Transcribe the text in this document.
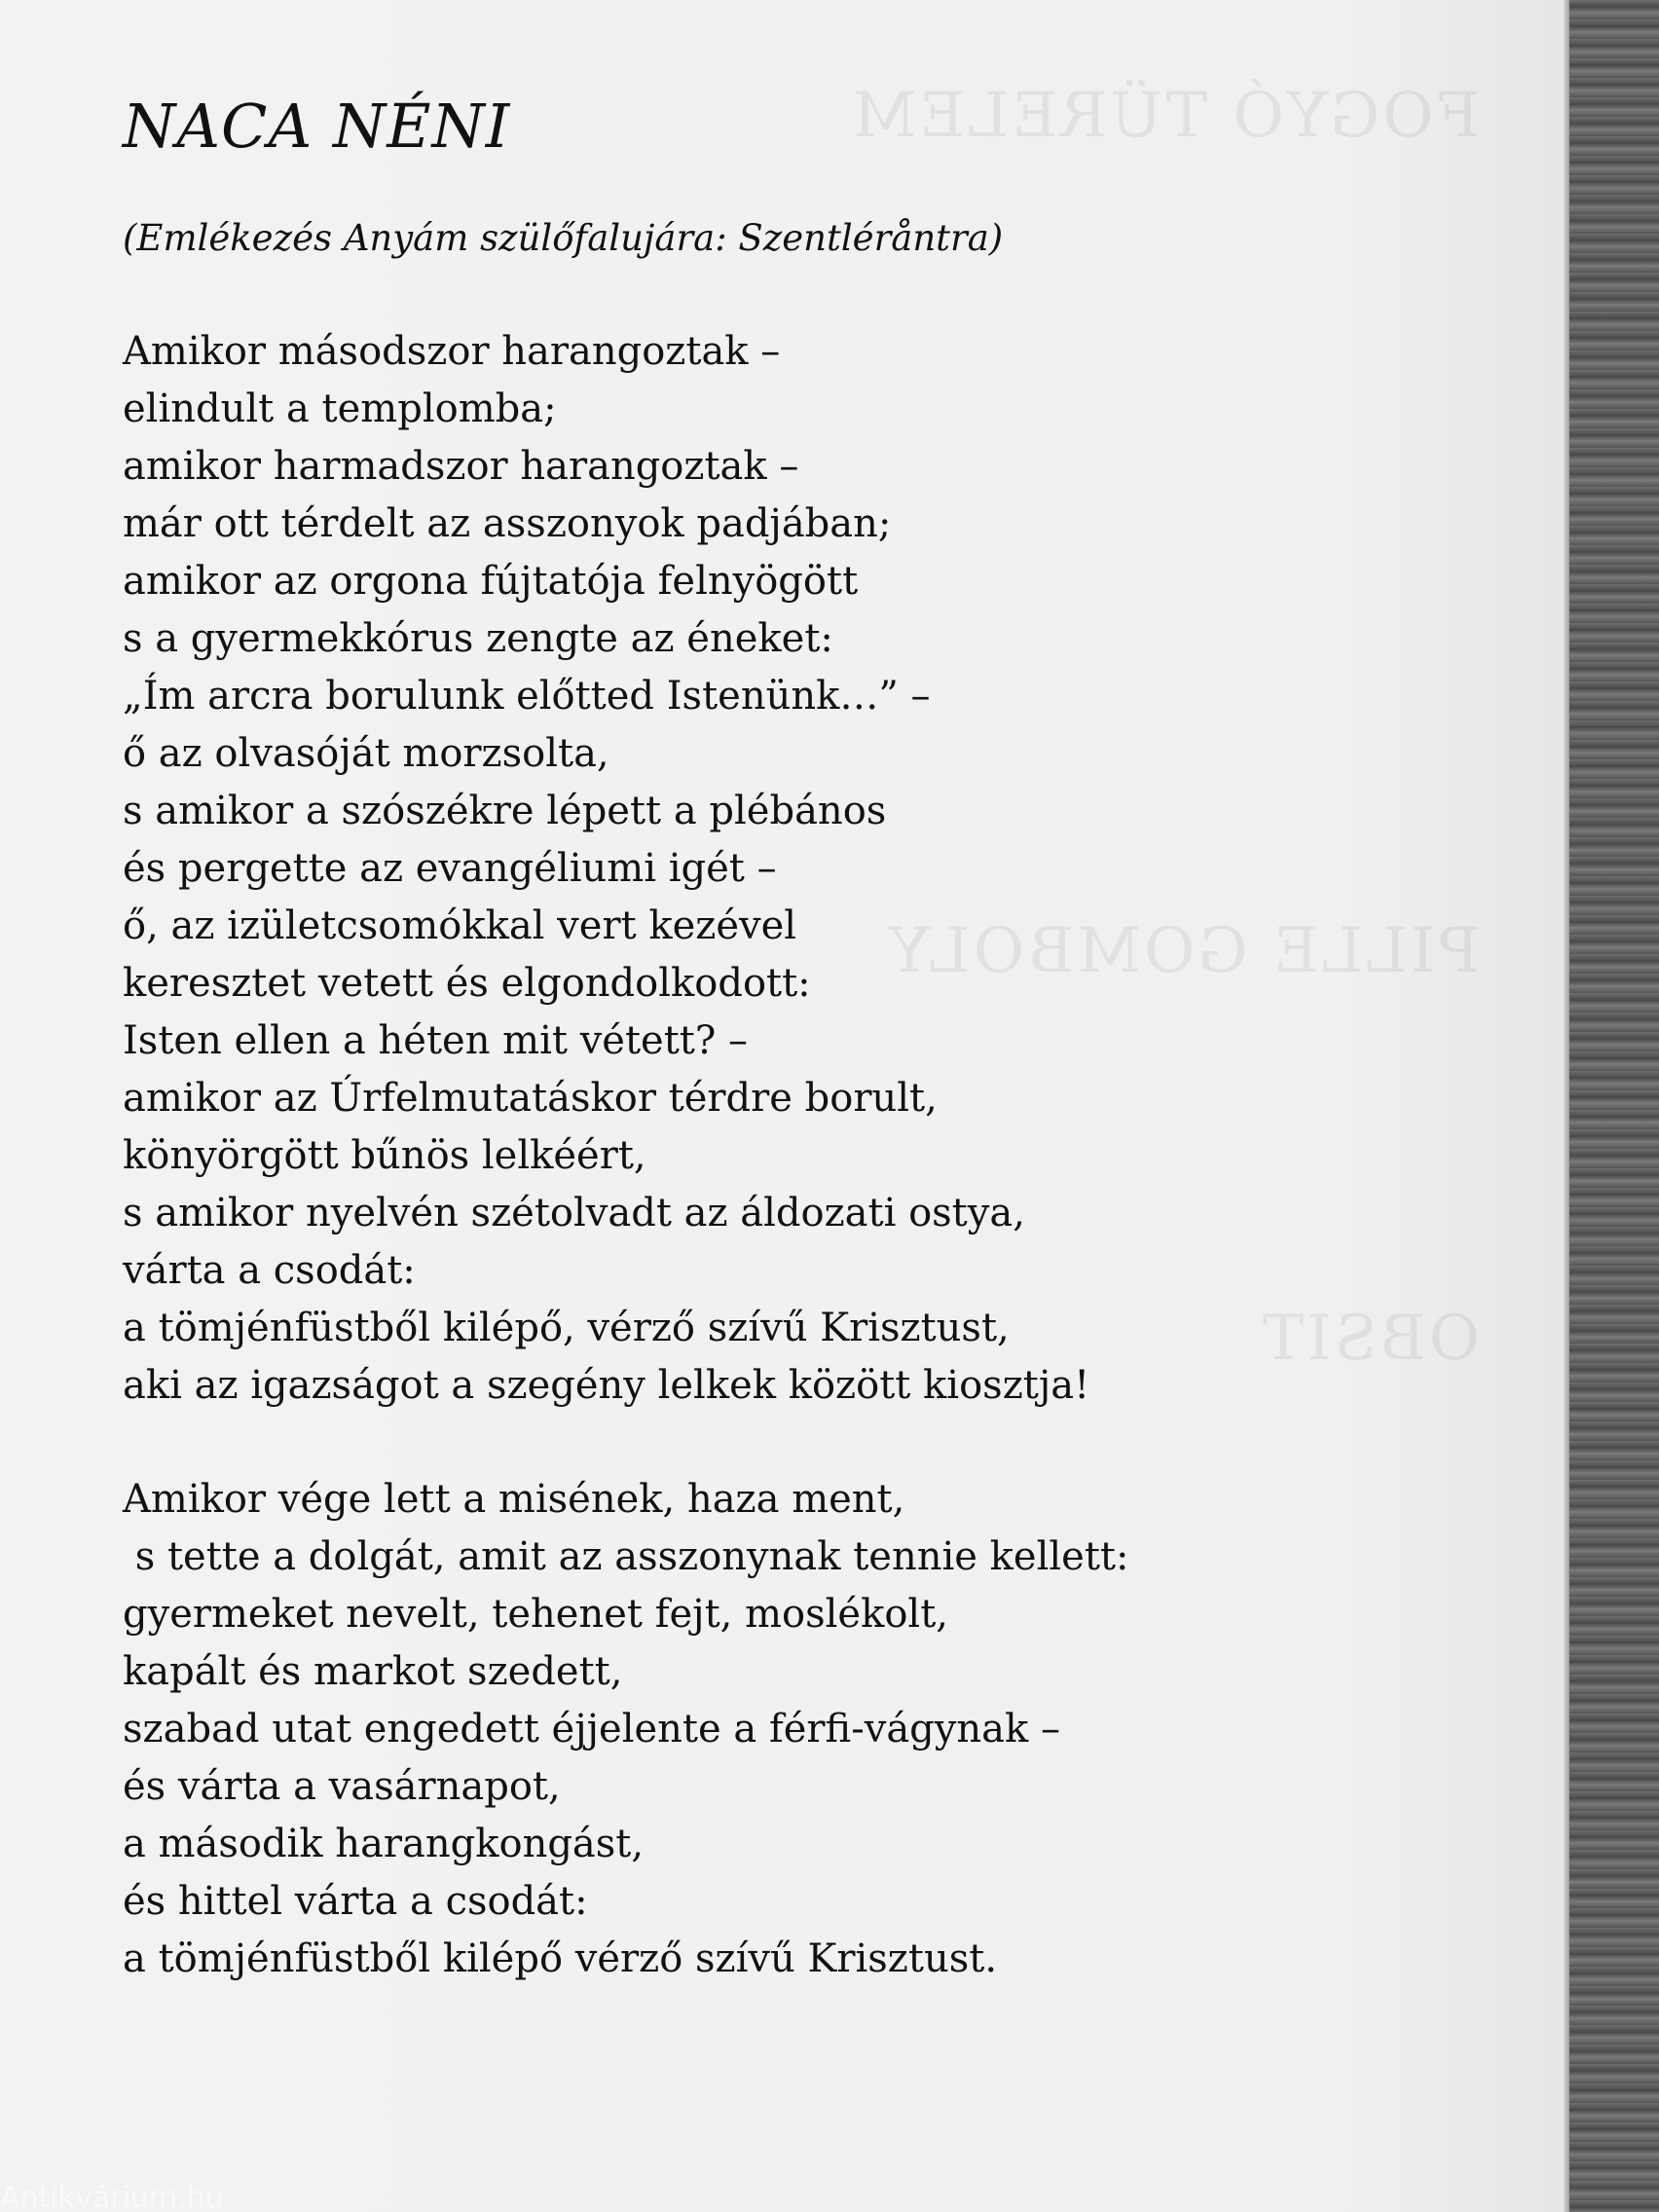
FOGYÓ TÜRELEM
PILLE GOMBOLY
OBSIT
NACA NÉNI
(Emlékezés Anyám szülőfalujára: Szentléråntra)
Amikor másodszor harangoztak –
elindult a templomba;
amikor harmadszor harangoztak –
már ott térdelt az asszonyok padjában;
amikor az orgona fújtatója felnyögött
s a gyermekkórus zengte az éneket:
„Ím arcra borulunk előtted Istenünk…” –
ő az olvasóját morzsolta,
s amikor a szószékre lépett a plébános
és pergette az evangéliumi igét –
ő, az izületcsomókkal vert kezével
keresztet vetett és elgondolkodott:
Isten ellen a héten mit vétett? –
amikor az Úrfelmutatáskor térdre borult,
könyörgött bűnös lelkéért,
s amikor nyelvén szétolvadt az áldozati ostya,
várta a csodát:
a tömjénfüstből kilépő, vérző szívű Krisztust,
aki az igazságot a szegény lelkek között kiosztja!
Amikor vége lett a misének, haza ment,
s tette a dolgát, amit az asszonynak tennie kellett:
gyermeket nevelt, tehenet fejt, moslékolt,
kapált és markot szedett,
szabad utat engedett éjjelente a férfi-vágynak –
és várta a vasárnapot,
a második harangkongást,
és hittel várta a csodát:
a tömjénfüstből kilépő vérző szívű Krisztust.
Antikvárium.hu
